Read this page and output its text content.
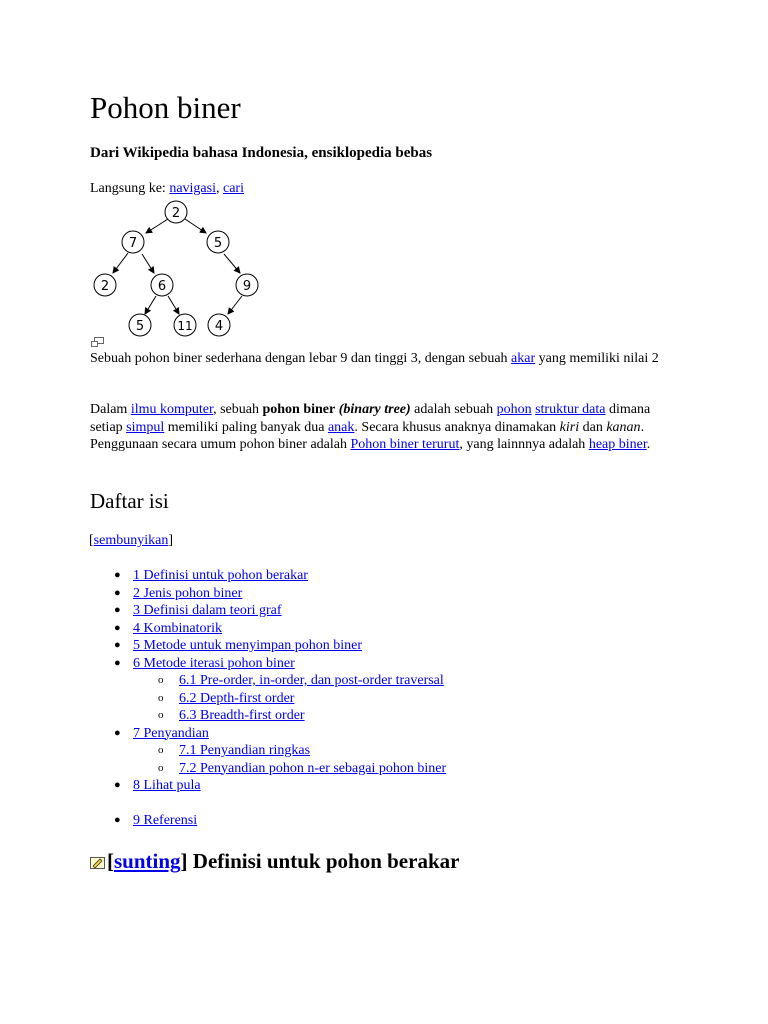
Pohon biner

Dari Wikipedia bahasa Indonesia, ensiklopedia bebas

Langsung ke: navigasi, cari
2
7	5
2	6	9
5	11 4
Sebuah pohon biner sederhana dengan lebar 9 dan tinggi 3, dengan sebuah akar yang memiliki nilai 2
Dalam ilmu komputer, sebuah pohon biner (binary tree) adalah sebuah pohon struktur data dimana setiap simpul memiliki paling banyak dua anak. Secara khusus anaknya dinamakan kiri dan kanan. Penggunaan secara umum pohon biner adalah Pohon biner terurut, yang lainnnya adalah heap biner.
Daftar isi
[sembunyikan]
● 1 Definisi untuk pohon berakar
● 2 Jenis pohon biner
● 3 Definisi dalam teori graf
● 4 Kombinatorik
● 5 Metode untuk menyimpan pohon biner
● 6 Metode iterasi pohon biner
o 6.1 Pre-order, in-order, dan post-order traversal
o 6.2 Depth-first order
o 6.3 Breadth-first order
● 7 Penyandian
o 7.1 Penyandian ringkas
o 7.2 Penyandian pohon n-er sebagai pohon biner
● 8 Lihat pula
● 9 Referensi
[sunting] Definisi untuk pohon berakar
